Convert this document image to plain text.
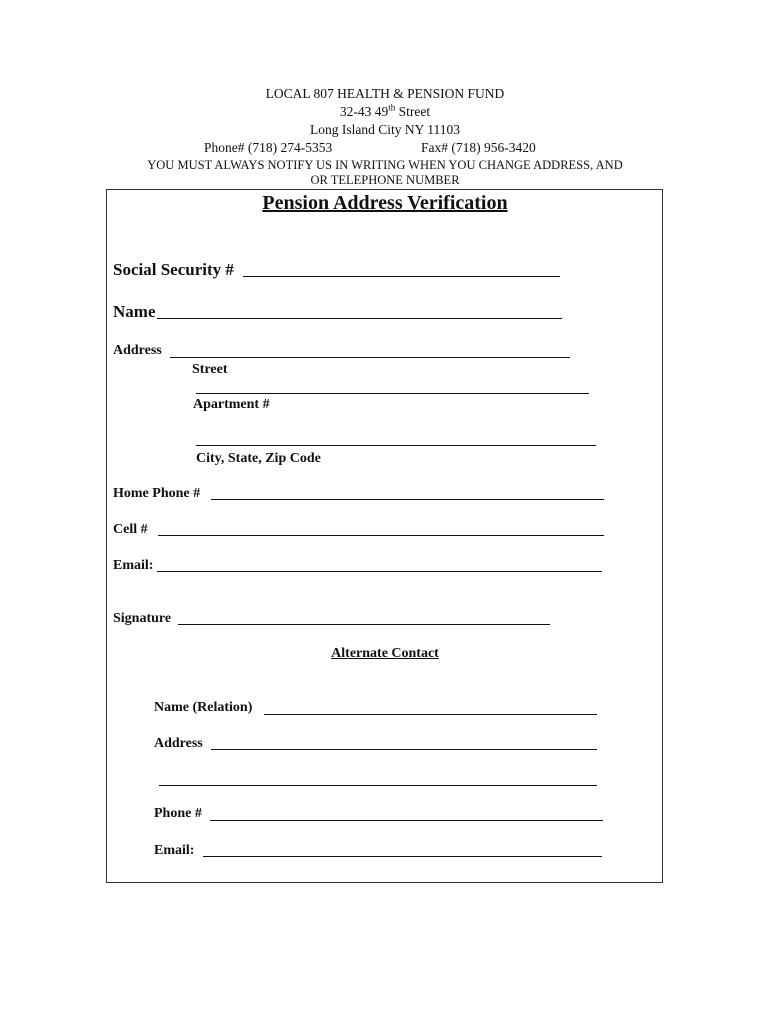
LOCAL 807 HEALTH & PENSION FUND
32-43 49th Street
Long Island City NY 11103
Phone# (718) 274-5353	Fax# (718) 956-3420
YOU MUST ALWAYS NOTIFY US IN WRITING WHEN YOU CHANGE ADDRESS, AND
OR TELEPHONE NUMBER
Pension Address Verification
Social Security #
Name
Address
Street
Apartment #
City, State, Zip Code
Home Phone #
Cell #
Email:
Signature
Alternate Contact
Name (Relation)
Address
Phone #
Email:
